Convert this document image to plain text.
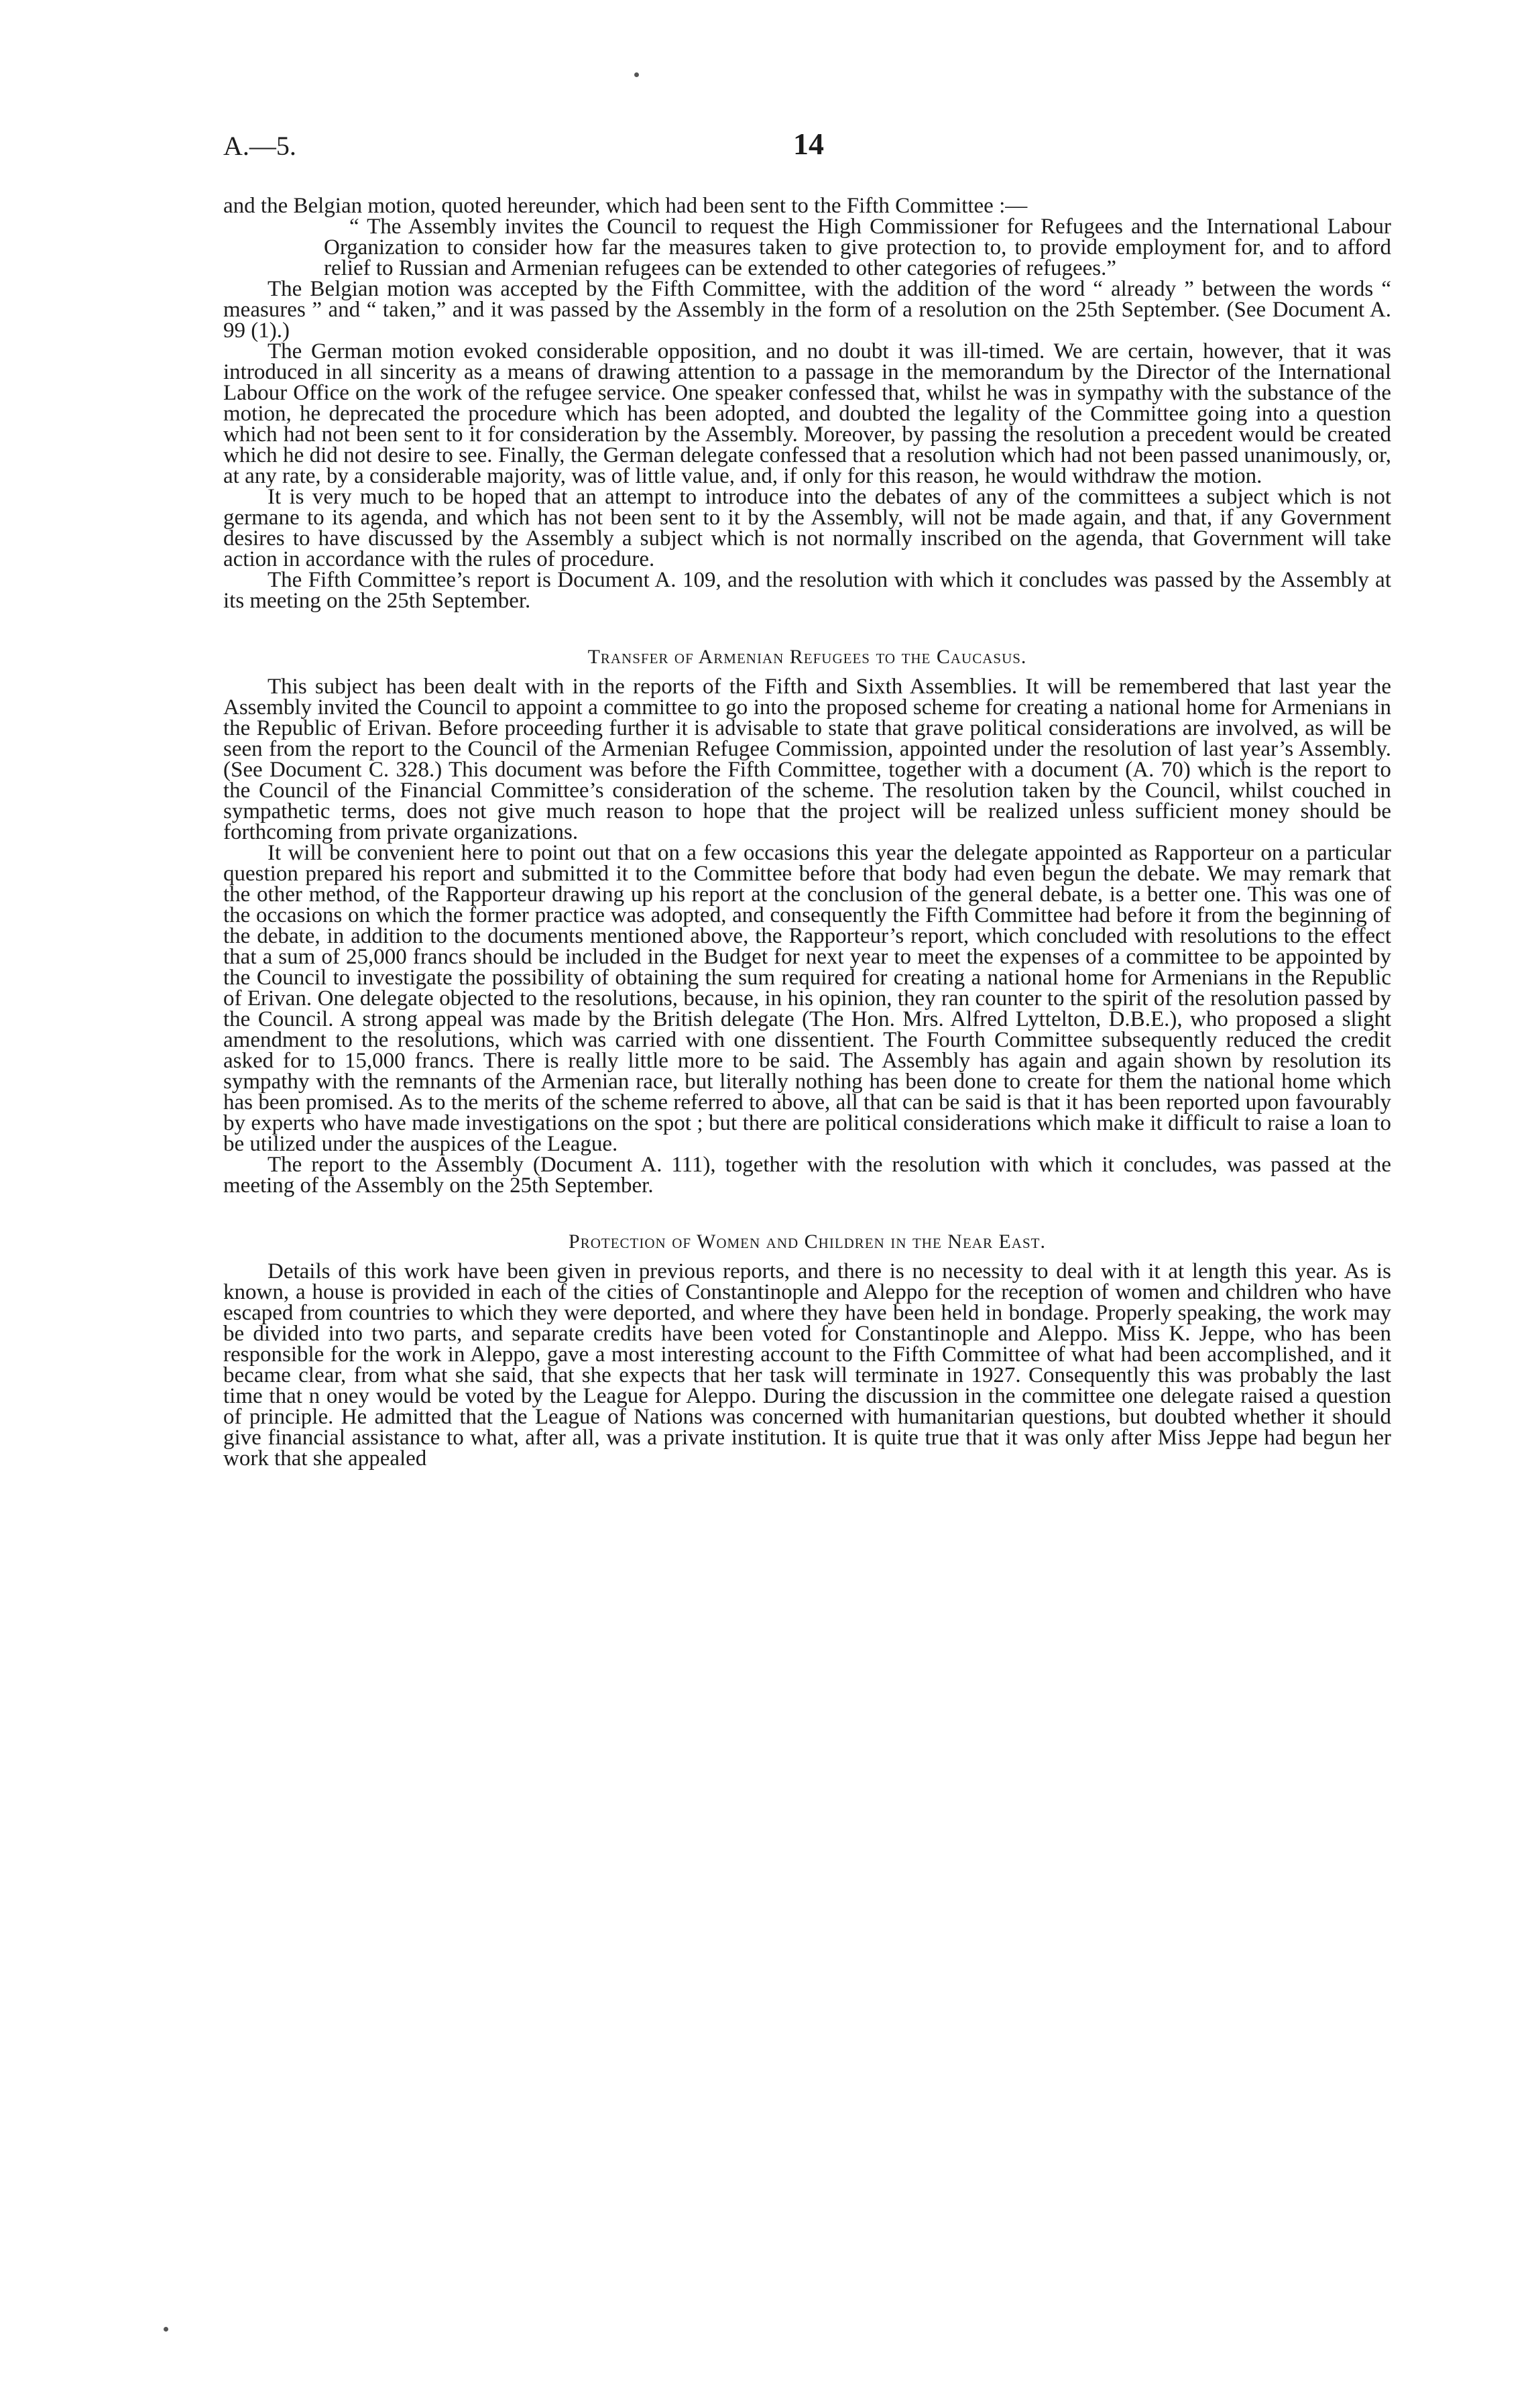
A.—5.	14

and the Belgian motion, quoted hereunder, which had been sent to the Fifth Committee :—

“ The Assembly invites the Council to request the High Commissioner for Refugees and the International Labour Organization to consider how far the measures taken to give protection to, to provide employment for, and to afford relief to Russian and Armenian refugees can be extended to other categories of refugees.”

The Belgian motion was accepted by the Fifth Committee, with the addition of the word “ already ” between the words “ measures ” and “ taken,” and it was passed by the Assembly in the form of a resolution on the 25th September. (See Document A. 99 (1).)

The German motion evoked considerable opposition, and no doubt it was ill-timed. We are certain, however, that it was introduced in all sincerity as a means of drawing attention to a passage in the memorandum by the Director of the International Labour Office on the work of the refugee service. One speaker confessed that, whilst he was in sympathy with the substance of the motion, he deprecated the procedure which has been adopted, and doubted the legality of the Committee going into a question which had not been sent to it for consideration by the Assembly. Moreover, by passing the resolution a precedent would be created which he did not desire to see. Finally, the German delegate confessed that a resolution which had not been passed unanimously, or, at any rate, by a considerable majority, was of little value, and, if only for this reason, he would withdraw the motion.

It is very much to be hoped that an attempt to introduce into the debates of any of the committees a subject which is not germane to its agenda, and which has not been sent to it by the Assembly, will not be made again, and that, if any Government desires to have discussed by the Assembly a subject which is not normally inscribed on the agenda, that Government will take action in accordance with the rules of procedure.

The Fifth Committee’s report is Document A. 109, and the resolution with which it concludes was passed by the Assembly at its meeting on the 25th September.

Transfer of Armenian Refugees to the Caucasus.

This subject has been dealt with in the reports of the Fifth and Sixth Assemblies. It will be remembered that last year the Assembly invited the Council to appoint a committee to go into the proposed scheme for creating a national home for Armenians in the Republic of Erivan. Before proceeding further it is advisable to state that grave political considerations are involved, as will be seen from the report to the Council of the Armenian Refugee Commission, appointed under the resolution of last year’s Assembly. (See Document C. 328.) This document was before the Fifth Committee, together with a document (A. 70) which is the report to the Council of the Financial Committee’s consideration of the scheme. The resolution taken by the Council, whilst couched in sympathetic terms, does not give much reason to hope that the project will be realized unless sufficient money should be forthcoming from private organizations.

It will be convenient here to point out that on a few occasions this year the delegate appointed as Rapporteur on a particular question prepared his report and submitted it to the Committee before that body had even begun the debate. We may remark that the other method, of the Rapporteur drawing up his report at the conclusion of the general debate, is a better one. This was one of the occasions on which the former practice was adopted, and consequently the Fifth Committee had before it from the beginning of the debate, in addition to the documents mentioned above, the Rapporteur’s report, which concluded with resolutions to the effect that a sum of 25,000 francs should be included in the Budget for next year to meet the expenses of a committee to be appointed by the Council to investigate the possibility of obtaining the sum required for creating a national home for Armenians in the Republic of Erivan. One delegate objected to the resolutions, because, in his opinion, they ran counter to the spirit of the resolution passed by the Council. A strong appeal was made by the British delegate (The Hon. Mrs. Alfred Lyttelton, D.B.E.), who proposed a slight amendment to the resolutions, which was carried with one dissentient. The Fourth Committee subsequently reduced the credit asked for to 15,000 francs. There is really little more to be said. The Assembly has again and again shown by resolution its sympathy with the remnants of the Armenian race, but literally nothing has been done to create for them the national home which has been promised. As to the merits of the scheme referred to above, all that can be said is that it has been reported upon favourably by experts who have made investigations on the spot ; but there are political considerations which make it difficult to raise a loan to be utilized under the auspices of the League.

The report to the Assembly (Document A. 111), together with the resolution with which it concludes, was passed at the meeting of the Assembly on the 25th September.

Protection of Women and Children in the Near East.

Details of this work have been given in previous reports, and there is no necessity to deal with it at length this year. As is known, a house is provided in each of the cities of Constantinople and Aleppo for the reception of women and children who have escaped from countries to which they were deported, and where they have been held in bondage. Properly speaking, the work may be divided into two parts, and separate credits have been voted for Constantinople and Aleppo. Miss K. Jeppe, who has been responsible for the work in Aleppo, gave a most interesting account to the Fifth Committee of what had been accomplished, and it became clear, from what she said, that she expects that her task will terminate in 1927. Consequently this was probably the last time that n oney would be voted by the League for Aleppo. During the discussion in the committee one delegate raised a question of principle. He admitted that the League of Nations was concerned with humanitarian questions, but doubted whether it should give financial assistance to what, after all, was a private institution. It is quite true that it was only after Miss Jeppe had begun her work that she appealed
